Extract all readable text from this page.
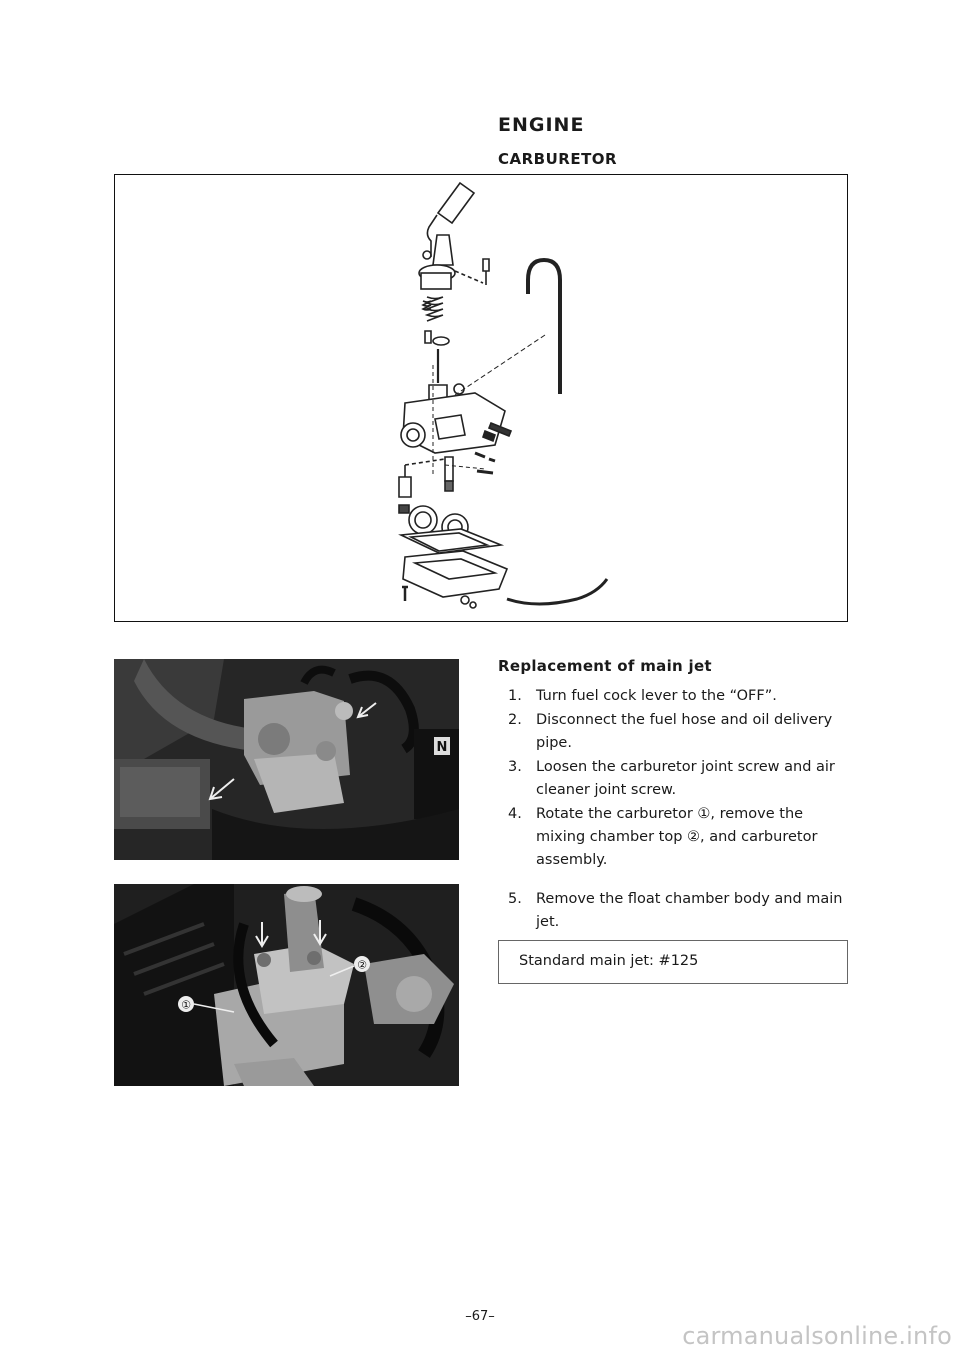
ENGINE
CARBURETOR
N
①
②
Replacement of main jet
1. Turn fuel cock lever to the “OFF”.
2. Disconnect the fuel hose and oil delivery pipe.
3. Loosen the carburetor joint screw and air cleaner joint screw.
4. Rotate the carburetor ①, remove the mixing chamber top ②, and carburetor assembly.
5. Remove the float chamber body and main jet.
Standard main jet: #125
–67–
carmanualsonline.info
